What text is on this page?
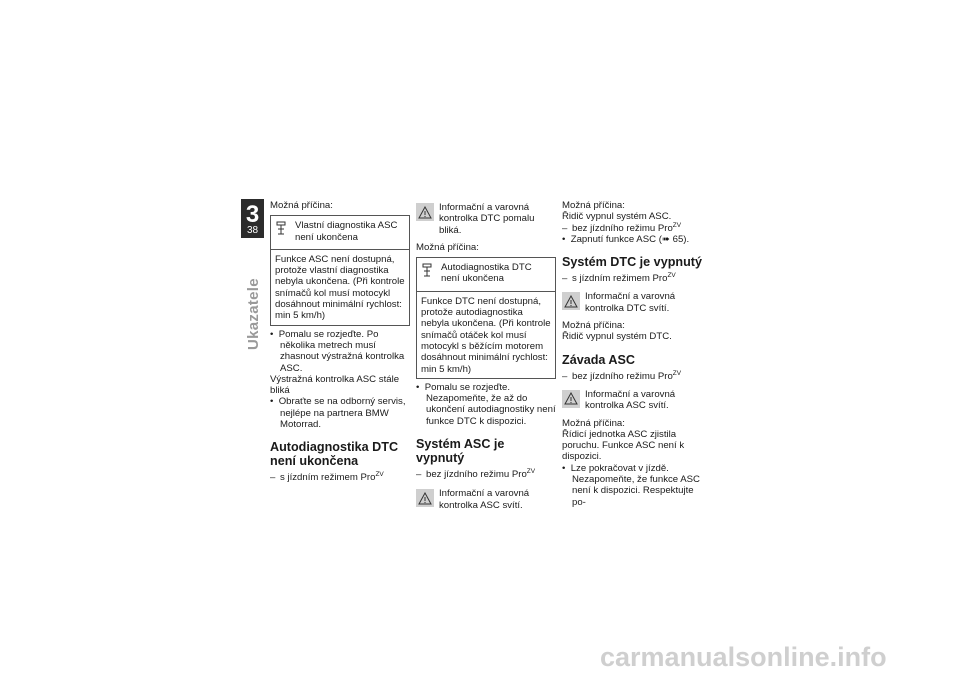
3
38
Ukazatele

Možná příčina:

Vlastní diagnostika ASC není ukončena

Funkce ASC není dostupná, protože vlastní diagnostika nebyla ukončena. (Při kontrole snímačů kol musí motocykl dosáhnout minimální rychlost: min 5 km/h)

•  Pomalu se rozjeďte. Po několika metrech musí zhasnout výstražná kontrolka ASC.

Výstražná kontrolka ASC stále bliká

•  Obraťte se na odborný servis, nejlépe na partnera BMW Motorrad.

Autodiagnostika DTC není ukončena

– s jízdním režimem Pro$^{ZV}$

Informační a varovná kontrolka DTC pomalu bliká.

Možná příčina:

Autodiagnostika DTC není ukončena

Funkce DTC není dostupná, protože autodiagnostika nebyla ukončena. (Při kontrole snímačů otáček kol musí motocykl s běžícím motorem dosáhnout minimální rychlost: min 5 km/h)

•  Pomalu se rozjeďte. Nezapomeňte, že až do ukončení autodiagnostiky není funkce DTC k dispozici.

Systém ASC je vypnutý

– bez jízdního režimu Pro$^{ZV}$

Informační a varovná kontrolka ASC svítí.

Možná příčina:

Řidič vypnul systém ASC.

– bez jízdního režimu Pro$^{ZV}$

•  Zapnutí funkce ASC (➠ 65).

Systém DTC je vypnutý

– s jízdním režimem Pro$^{ZV}$

Informační a varovná kontrolka DTC svítí.

Možná příčina:

Řidič vypnul systém DTC.

Závada ASC

– bez jízdního režimu Pro$^{ZV}$

Informační a varovná kontrolka ASC svítí.

Možná příčina:

Řídicí jednotka ASC zjistila poruchu. Funkce ASC není k dispozici.

•  Lze pokračovat v jízdě. Nezapomeňte, že funkce ASC není k dispozici. Respektujte po-

carmanualsonline.info
